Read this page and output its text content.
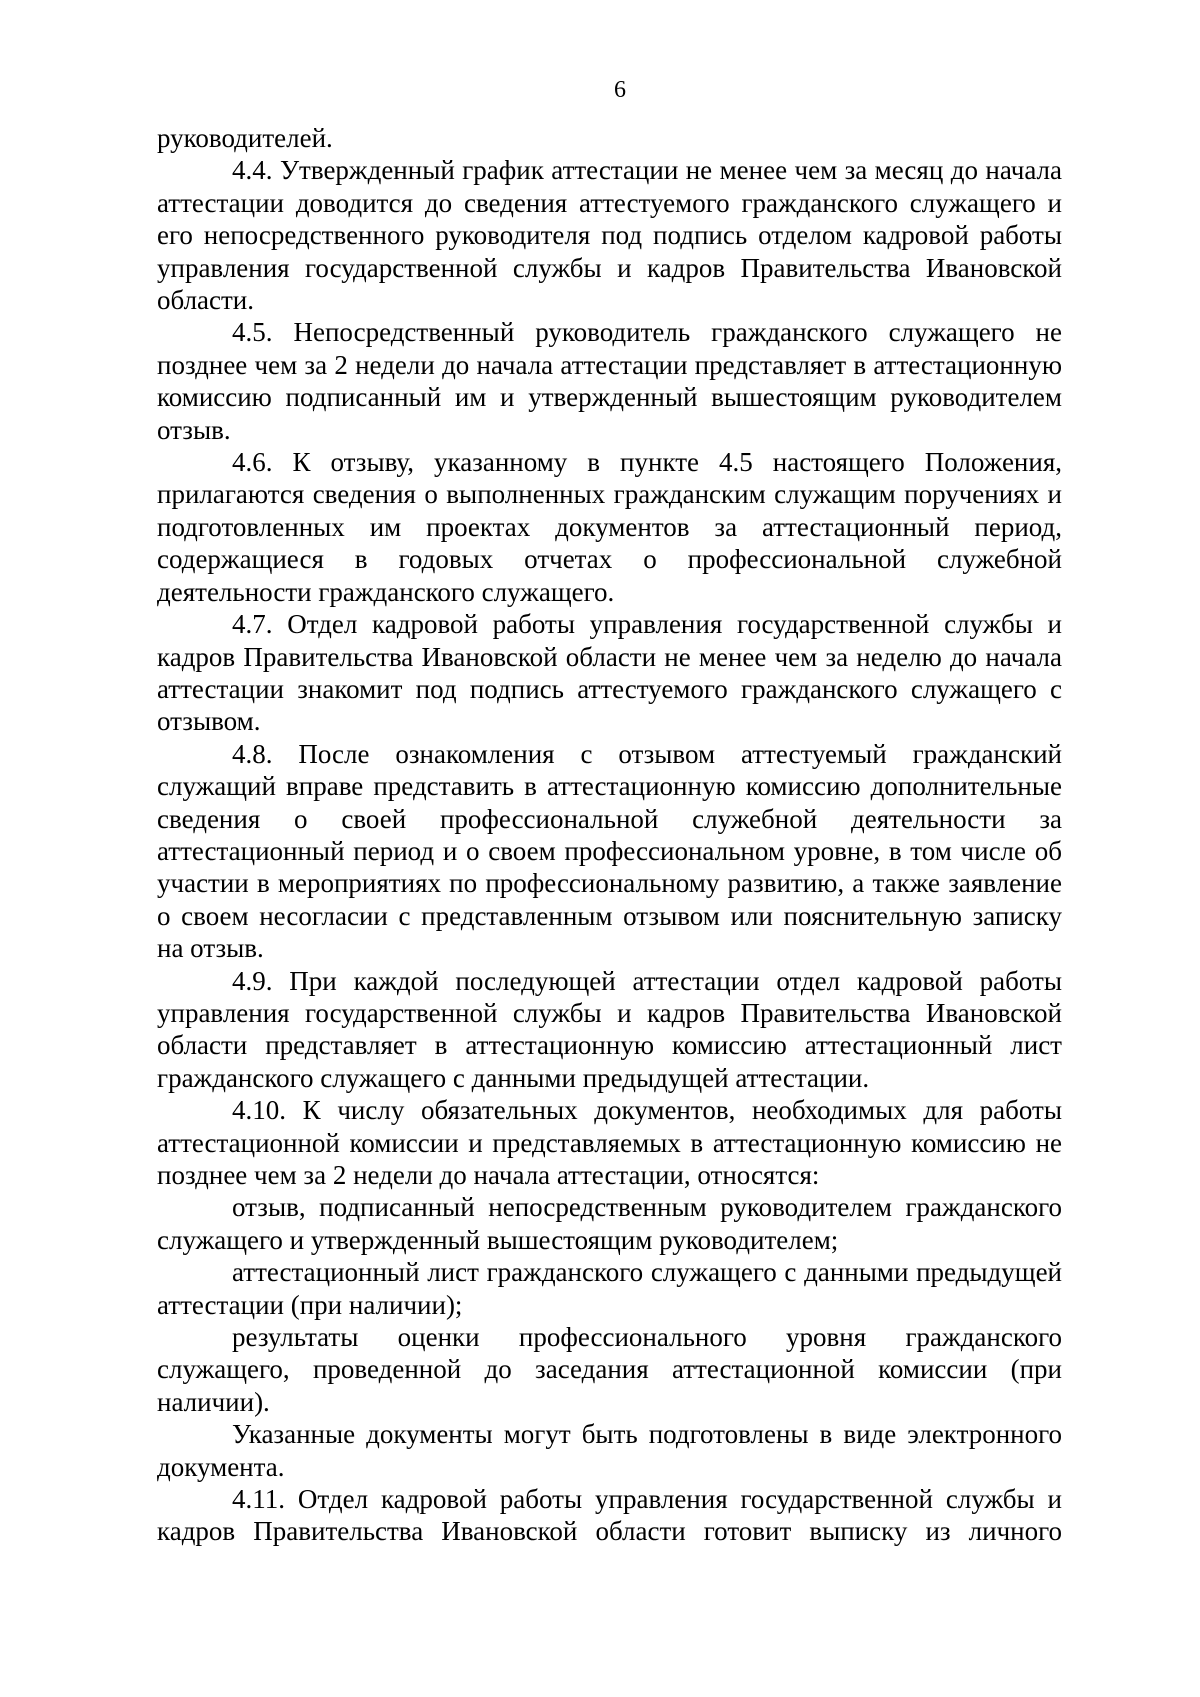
6

руководителей.

4.4. Утвержденный график аттестации не менее чем за месяц до начала аттестации доводится до сведения аттестуемого гражданского служащего и его непосредственного руководителя под подпись отделом кадровой работы управления государственной службы и кадров Правительства Ивановской области.

4.5. Непосредственный руководитель гражданского служащего не позднее чем за 2 недели до начала аттестации представляет в аттестационную комиссию подписанный им и утвержденный вышестоящим руководителем отзыв.

4.6. К отзыву, указанному в пункте 4.5 настоящего Положения, прилагаются сведения о выполненных гражданским служащим поручениях и подготовленных им проектах документов за аттестационный период, содержащиеся в годовых отчетах о профессиональной служебной деятельности гражданского служащего.

4.7. Отдел кадровой работы управления государственной службы и кадров Правительства Ивановской области не менее чем за неделю до начала аттестации знакомит под подпись аттестуемого гражданского служащего с отзывом.

4.8. После ознакомления с отзывом аттестуемый гражданский служащий вправе представить в аттестационную комиссию дополнительные сведения о своей профессиональной служебной деятельности за аттестационный период и о своем профессиональном уровне, в том числе об участии в мероприятиях по профессиональному развитию, а также заявление о своем несогласии с представленным отзывом или пояснительную записку на отзыв.

4.9. При каждой последующей аттестации отдел кадровой работы управления государственной службы и кадров Правительства Ивановской области представляет в аттестационную комиссию аттестационный лист гражданского служащего с данными предыдущей аттестации.

4.10. К числу обязательных документов, необходимых для работы аттестационной комиссии и представляемых в аттестационную комиссию не позднее чем за 2 недели до начала аттестации, относятся:

отзыв, подписанный непосредственным руководителем гражданского служащего и утвержденный вышестоящим руководителем;

аттестационный лист гражданского служащего с данными предыдущей аттестации (при наличии);

результаты оценки профессионального уровня гражданского служащего, проведенной до заседания аттестационной комиссии (при наличии).

Указанные документы могут быть подготовлены в виде электронного документа.

4.11. Отдел кадровой работы управления государственной службы и кадров Правительства Ивановской области готовит выписку из личного
